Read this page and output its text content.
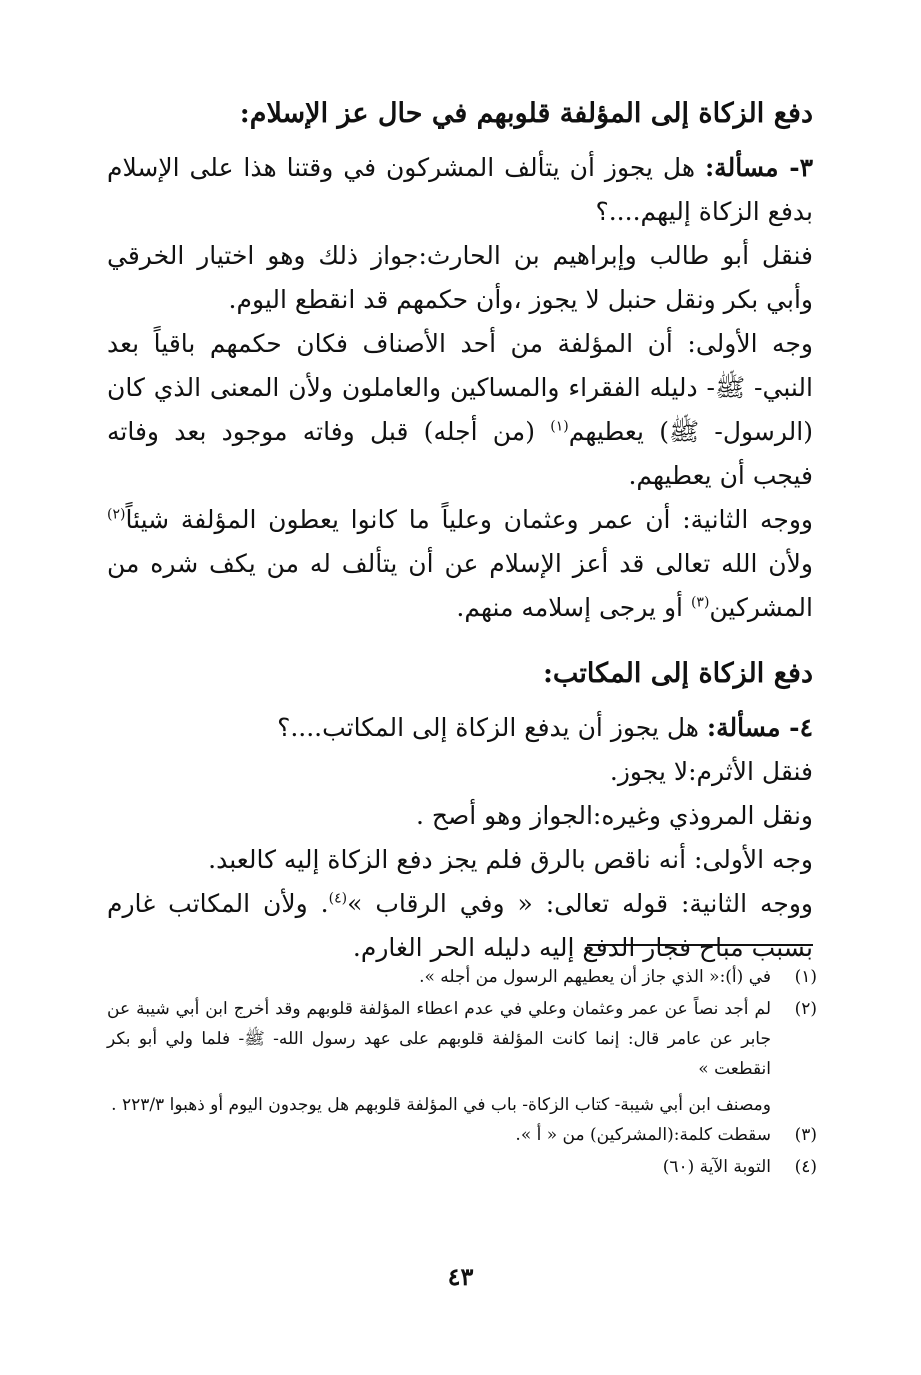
دفع الزكاة إلى المؤلفة قلوبهم في حال عز الإسلام:

٣- مسألة: هل يجوز أن يتألف المشركون في وقتنا هذا على الإسلام بدفع الزكاة إليهم....؟

فنقل أبو طالب وإبراهيم بن الحارث:جواز ذلك وهو اختيار الخرقي وأبي بكر ونقل حنبل لا يجوز ،وأن حكمهم قد انقطع اليوم.

وجه الأولى: أن المؤلفة من أحد الأصناف فكان حكمهم باقياً بعد النبي- ﷺ- دليله الفقراء والمساكين والعاملون ولأن المعنى الذي كان (الرسول- ﷺ) يعطيهم$^{(١)}$ (من أجله) قبل وفاته موجود بعد وفاته فيجب أن يعطيهم.

ووجه الثانية: أن عمر وعثمان وعلياً ما كانوا يعطون المؤلفة شيئاً$^{(٢)}$ ولأن الله تعالى قد أعز الإسلام عن أن يتألف له من يكف شره من المشركين$^{(٣)}$ أو يرجى إسلامه منهم.

دفع الزكاة إلى المكاتب:

٤- مسألة: هل يجوز أن يدفع الزكاة إلى المكاتب....؟

فنقل الأثرم:لا يجوز.

ونقل المروذي وغيره:الجواز وهو أصح .

وجه الأولى: أنه ناقص بالرق فلم يجز دفع الزكاة إليه كالعبد.

ووجه الثانية: قوله تعالى: « وفي الرقاب »$^{(٤)}$. ولأن المكاتب غارم بسبب مباح فجاز الدفع إليه دليله الحر الغارم.

(١)
في (أ):« الذي جاز أن يعطيهم الرسول من أجله ».
(٢)
لم أجد نصاً عن عمر وعثمان وعلي في عدم اعطاء المؤلفة قلوبهم وقد أخرج ابن أبي شيبة عن جابر عن عامر قال: إنما كانت المؤلفة قلوبهم على عهد رسول الله- ﷺ- فلما ولي أبو بكر انقطعت »
ومصنف ابن أبي شيبة- كتاب الزكاة- باب في المؤلفة قلوبهم هل يوجدون اليوم أو ذهبوا ٢٢٣/٣ .
(٣)
سقطت كلمة:(المشركين) من « أ ».
(٤)
التوبة الآية (٦٠)
٤٣
